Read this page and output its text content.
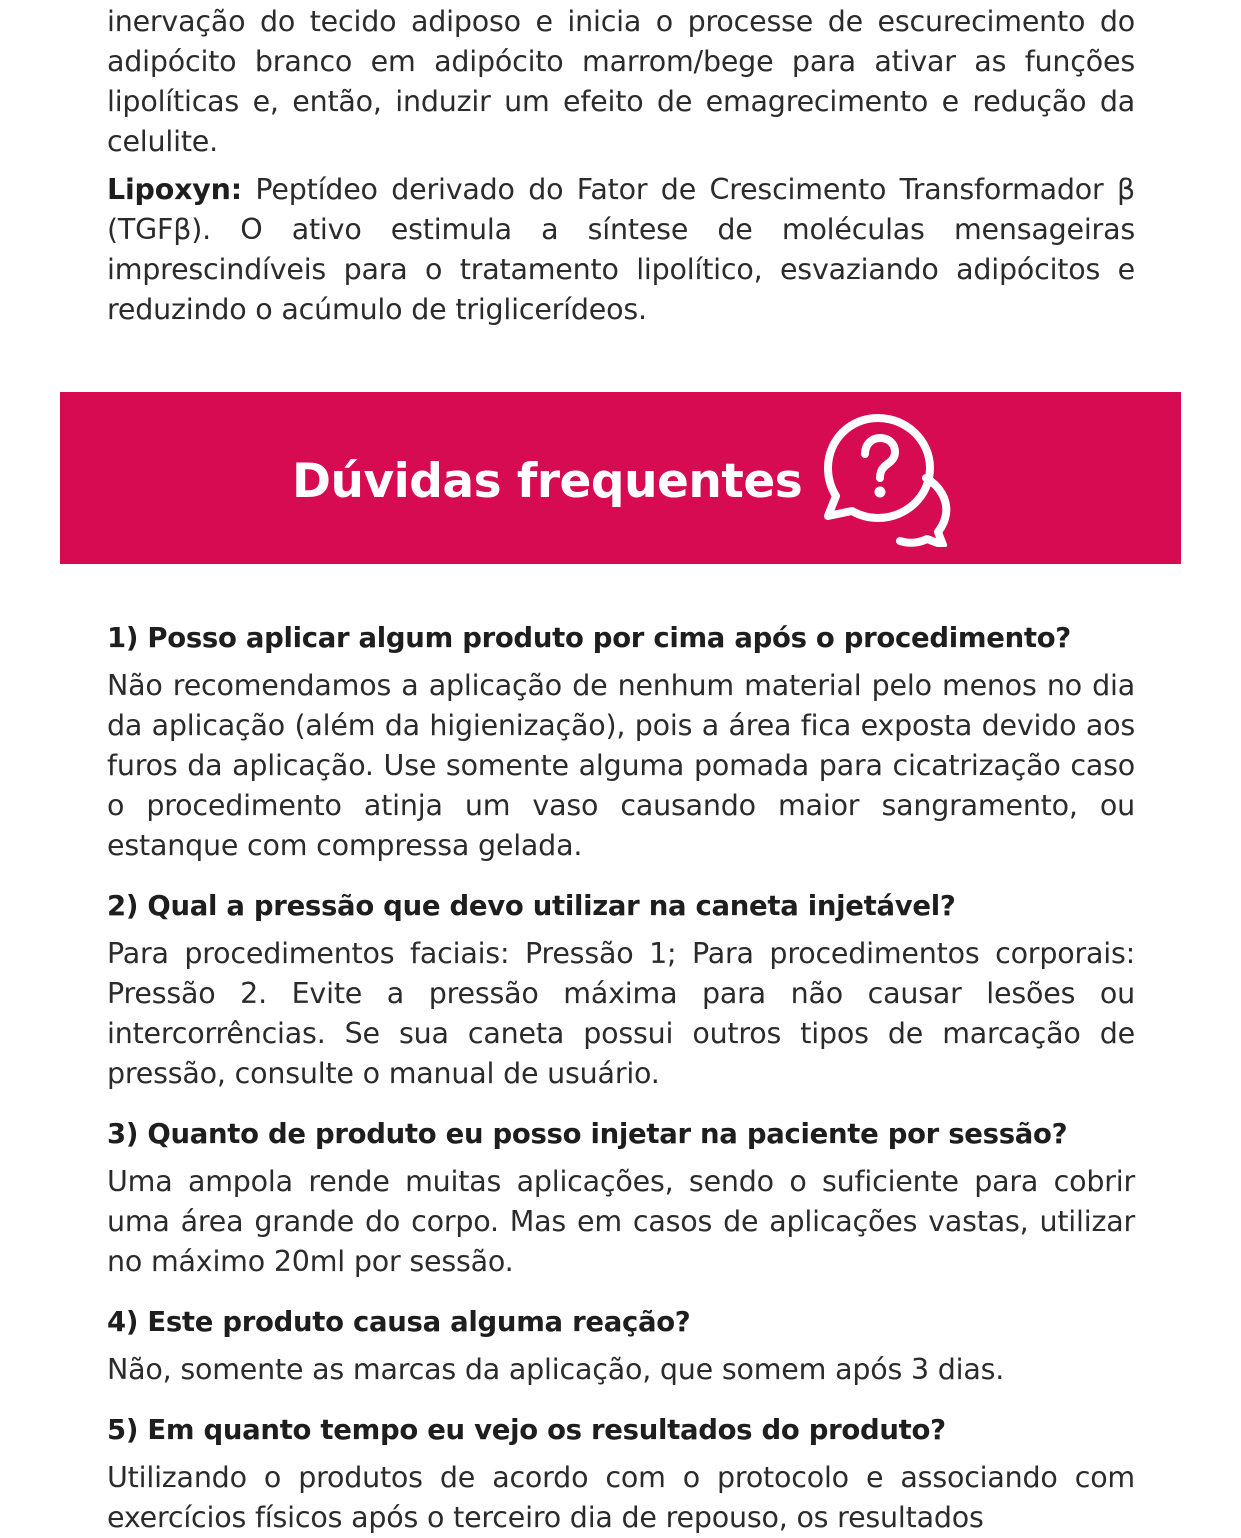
inervação do tecido adiposo e inicia o processe de escurecimento do adipócito branco em adipócito marrom/bege para ativar as funções lipolíticas e, então, induzir um efeito de emagrecimento e redução da celulite.

Lipoxyn: Peptídeo derivado do Fator de Crescimento Transformador β (TGFβ). O ativo estimula a síntese de moléculas mensageiras imprescindíveis para o tratamento lipolítico, esvaziando adipócitos e reduzindo o acúmulo de triglicerídeos.

Dúvidas frequentes

1) Posso aplicar algum produto por cima após o procedimento?

Não recomendamos a aplicação de nenhum material pelo menos no dia da aplicação (além da higienização), pois a área fica exposta devido aos furos da aplicação. Use somente alguma pomada para cicatrização caso o procedimento atinja um vaso causando maior sangramento, ou estanque com compressa gelada.

2) Qual a pressão que devo utilizar na caneta injetável?

Para procedimentos faciais: Pressão 1; Para procedimentos corporais: Pressão 2. Evite a pressão máxima para não causar lesões ou intercorrências. Se sua caneta possui outros tipos de marcação de pressão, consulte o manual de usuário.

3) Quanto de produto eu posso injetar na paciente por sessão?

Uma ampola rende muitas aplicações, sendo o suficiente para cobrir uma área grande do corpo. Mas em casos de aplicações vastas, utilizar no máximo 20ml por sessão.

4) Este produto causa alguma reação?

Não, somente as marcas da aplicação, que somem após 3 dias.

5) Em quanto tempo eu vejo os resultados do produto?

Utilizando o produtos de acordo com o protocolo e associando com exercícios físicos após o terceiro dia de repouso, os resultados
